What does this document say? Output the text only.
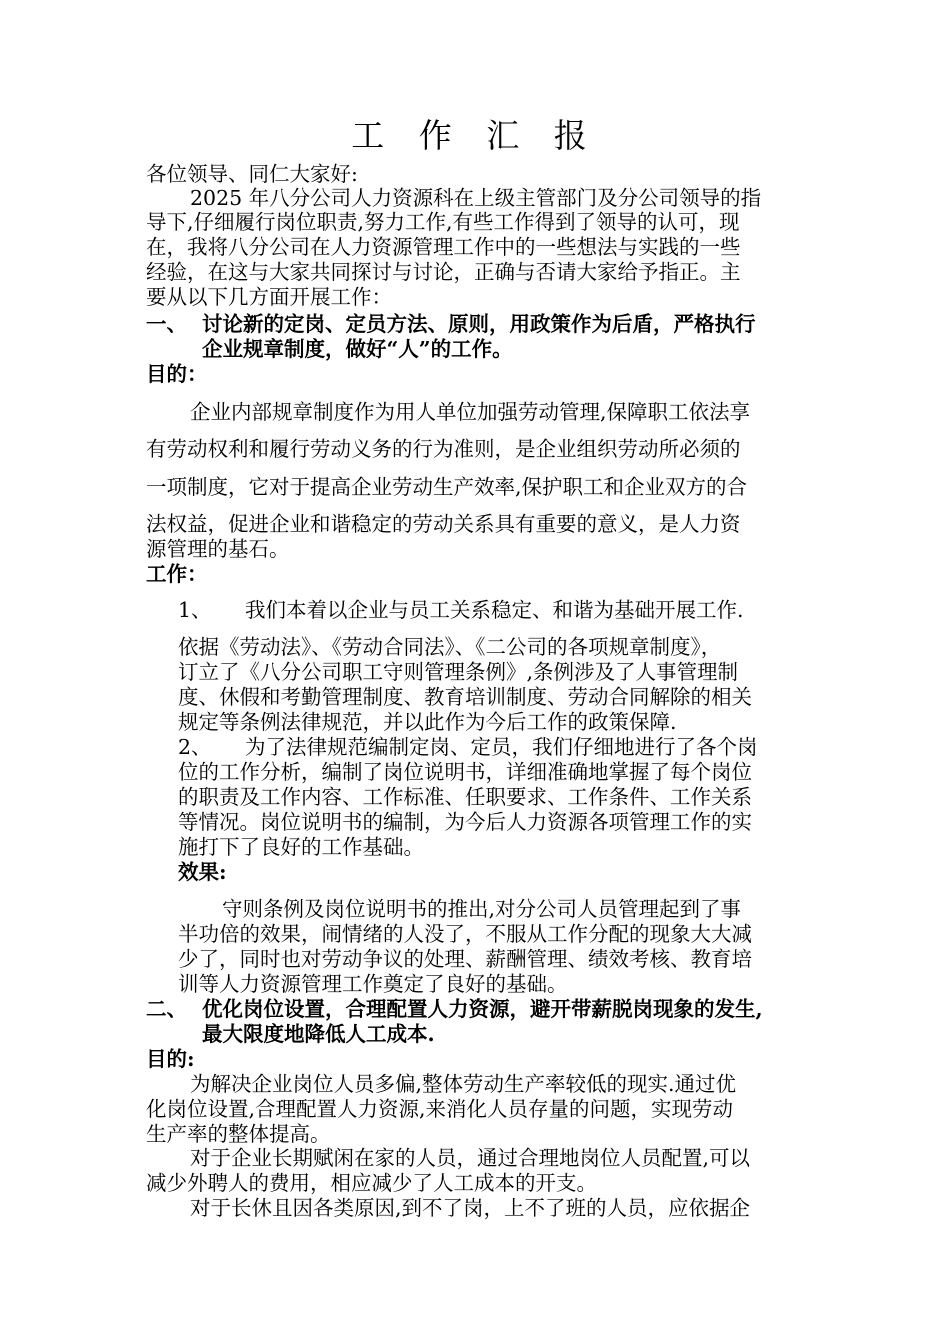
工 作 汇 报
各位领导、同仁大家好:
2025 年八分公司人力资源科在上级主管部门及分公司领导的指
导下,仔细履行岗位职责,努力工作,有些工作得到了领导的认可，现
在，我将八分公司在人力资源管理工作中的一些想法与实践的一些
经验，在这与大家共同探讨与讨论，正确与否请大家给予指正。主
要从以下几方面开展工作：
一、 讨论新的定岗、定员方法、原则，用政策作为后盾，严格执行
企业规章制度，做好“人”的工作。
目的：
企业内部规章制度作为用人单位加强劳动管理,保障职工依法享
有劳动权利和履行劳动义务的行为准则，是企业组织劳动所必须的
一项制度，它对于提高企业劳动生产效率,保护职工和企业双方的合
法权益，促进企业和谐稳定的劳动关系具有重要的意义，是人力资
源管理的基石。
工作：
1、 我们本着以企业与员工关系稳定、和谐为基础开展工作.
依据《劳动法》、《劳动合同法》、《二公司的各项规章制度》，
订立了《八分公司职工守则管理条例》,条例涉及了人事管理制
度、休假和考勤管理制度、教育培训制度、劳动合同解除的相关
规定等条例法律规范，并以此作为今后工作的政策保障.
2、 为了法律规范编制定岗、定员，我们仔细地进行了各个岗
位的工作分析，编制了岗位说明书，详细准确地掌握了每个岗位
的职责及工作内容、工作标准、任职要求、工作条件、工作关系
等情况。岗位说明书的编制，为今后人力资源各项管理工作的实
施打下了良好的工作基础。
效果:
守则条例及岗位说明书的推出,对分公司人员管理起到了事
半功倍的效果，闹情绪的人没了，不服从工作分配的现象大大减
少了，同时也对劳动争议的处理、薪酬管理、绩效考核、教育培
训等人力资源管理工作奠定了良好的基础。
二、 优化岗位设置，合理配置人力资源，避开带薪脱岗现象的发生,
最大限度地降低人工成本.
目的:
为解决企业岗位人员多偏,整体劳动生产率较低的现实.通过优
化岗位设置,合理配置人力资源,来消化人员存量的问题，实现劳动
生产率的整体提高。
对于企业长期赋闲在家的人员，通过合理地岗位人员配置,可以
减少外聘人的费用，相应减少了人工成本的开支。
对于长休且因各类原因,到不了岗，上不了班的人员，应依据企
